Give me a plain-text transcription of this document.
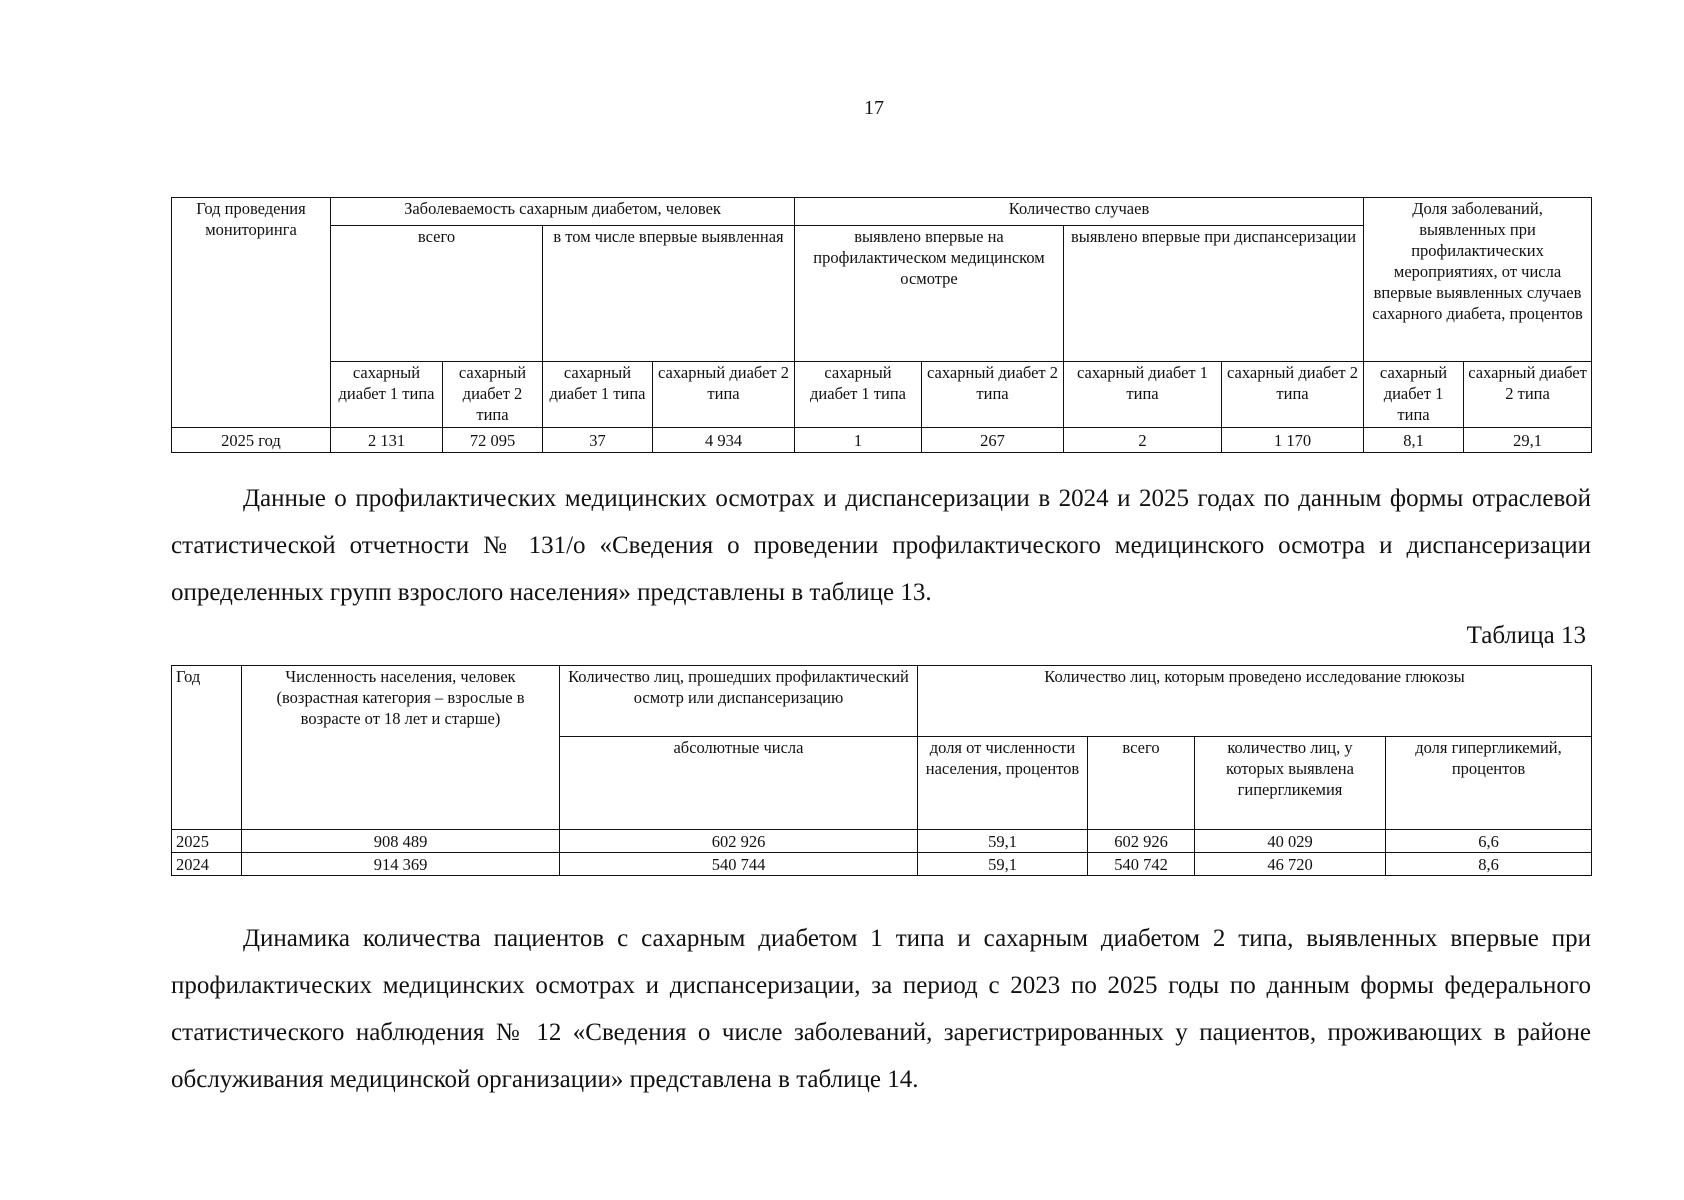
17
Год проведения мониторинга	Заболеваемость сахарным диабетом, человек				Количество случаев				Доля заболеваний, выявленных при профилактических мероприятиях, от числа впервые выявленных случаев сахарного диабета, процентов	
	всего		в том числе впервые выявленная		выявлено впервые на профилактическом медицинском осмотре		выявлено впервые при диспансеризации			
	сахарный диабет 1 типа	сахарный диабет 2 типа	сахарный диабет 1 типа	сахарный диабет 2 типа	сахарный диабет 1 типа	сахарный диабет 2 типа	сахарный диабет 1 типа	сахарный диабет 2 типа	сахарный диабет 1 типа	сахарный диабет 2 типа
2025 год	2 131	72 095	37	4 934	1	267	2	1 170	8,1	29,1

Данные о профилактических медицинских осмотрах и диспансеризации в 2024 и 2025 годах по данным формы отраслевой статистической отчетности № 131/о «Сведения о проведении профилактического медицинского осмотра и диспансеризации определенных групп взрослого населения» представлены в таблице 13.

Таблица 13
Год	Численность населения, человек (возрастная категория – взрослые в возрасте от 18 лет и старше)	Количество лиц, прошедших профилактический осмотр или диспансеризацию	Количество лиц, которым проведено исследование глюкозы			
		абсолютные числа	доля от численности населения, процентов	всего	количество лиц, у которых выявлена гипергликемия	доля гипергликемий, процентов
2025	908 489	602 926	59,1	602 926	40 029	6,6
2024	914 369	540 744	59,1	540 742	46 720	8,6

Динамика количества пациентов с сахарным диабетом 1 типа и сахарным диабетом 2 типа, выявленных впервые при профилактических медицинских осмотрах и диспансеризации, за период с 2023 по 2025 годы по данным формы федерального статистического наблюдения № 12 «Сведения о числе заболеваний, зарегистрированных у пациентов, проживающих в районе обслуживания медицинской организации» представлена в таблице 14.
